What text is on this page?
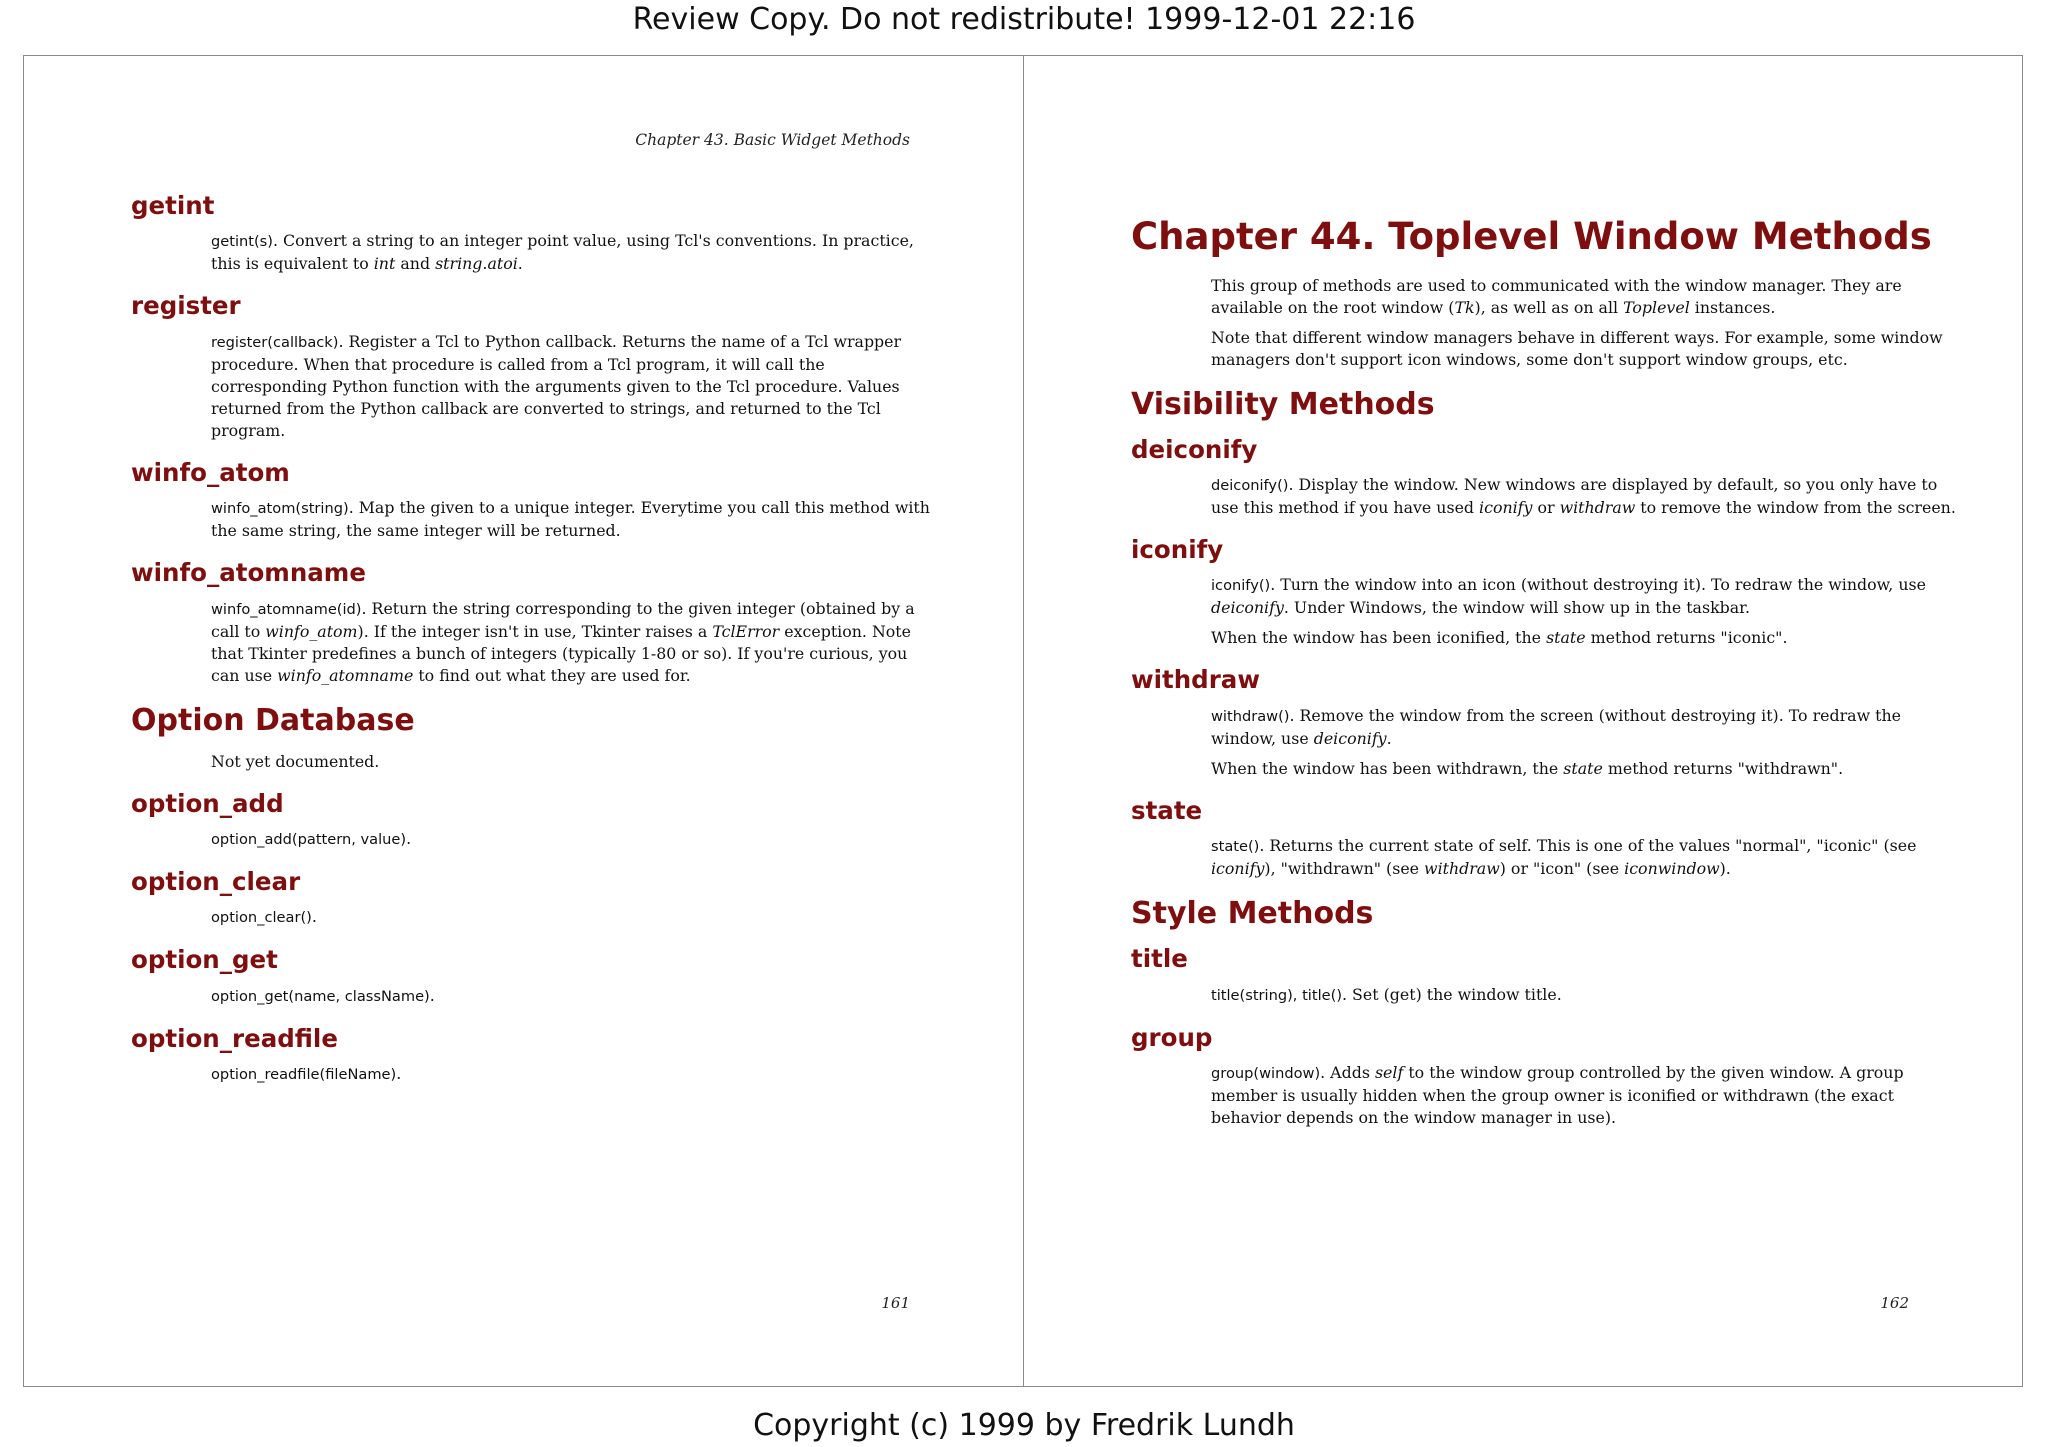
Review Copy. Do not redistribute! 1999-12-01 22:16
Chapter 43. Basic Widget Methods
getint

getint(s). Convert a string to an integer point value, using Tcl's conventions. In practice, this is equivalent to int and string.atoi.

register

register(callback). Register a Tcl to Python callback. Returns the name of a Tcl wrapper procedure. When that procedure is called from a Tcl program, it will call the corresponding Python function with the arguments given to the Tcl procedure. Values returned from the Python callback are converted to strings, and returned to the Tcl program.

winfo_atom

winfo_atom(string). Map the given to a unique integer. Everytime you call this method with the same string, the same integer will be returned.

winfo_atomname

winfo_atomname(id). Return the string corresponding to the given integer (obtained by a call to winfo_atom). If the integer isn't in use, Tkinter raises a TclError exception. Note that Tkinter predefines a bunch of integers (typically 1-80 or so). If you're curious, you can use winfo_atomname to find out what they are used for.

Option Database

Not yet documented.

option_add

option_add(pattern, value).

option_clear

option_clear().

option_get

option_get(name, className).

option_readfile

option_readfile(fileName).

161
Chapter 44. Toplevel Window Methods

This group of methods are used to communicated with the window manager. They are available on the root window (Tk), as well as on all Toplevel instances.

Note that different window managers behave in different ways. For example, some window managers don't support icon windows, some don't support window groups, etc.

Visibility Methods
deiconify

deiconify(). Display the window. New windows are displayed by default, so you only have to use this method if you have used iconify or withdraw to remove the window from the screen.

iconify

iconify(). Turn the window into an icon (without destroying it). To redraw the window, use deiconify. Under Windows, the window will show up in the taskbar.

When the window has been iconified, the state method returns "iconic".

withdraw

withdraw(). Remove the window from the screen (without destroying it). To redraw the window, use deiconify.

When the window has been withdrawn, the state method returns "withdrawn".

state

state(). Returns the current state of self. This is one of the values "normal", "iconic" (see iconify), "withdrawn" (see withdraw) or "icon" (see iconwindow).

Style Methods
title

title(string), title(). Set (get) the window title.

group

group(window). Adds self to the window group controlled by the given window. A group member is usually hidden when the group owner is iconified or withdrawn (the exact behavior depends on the window manager in use).

162
Copyright (c) 1999 by Fredrik Lundh
